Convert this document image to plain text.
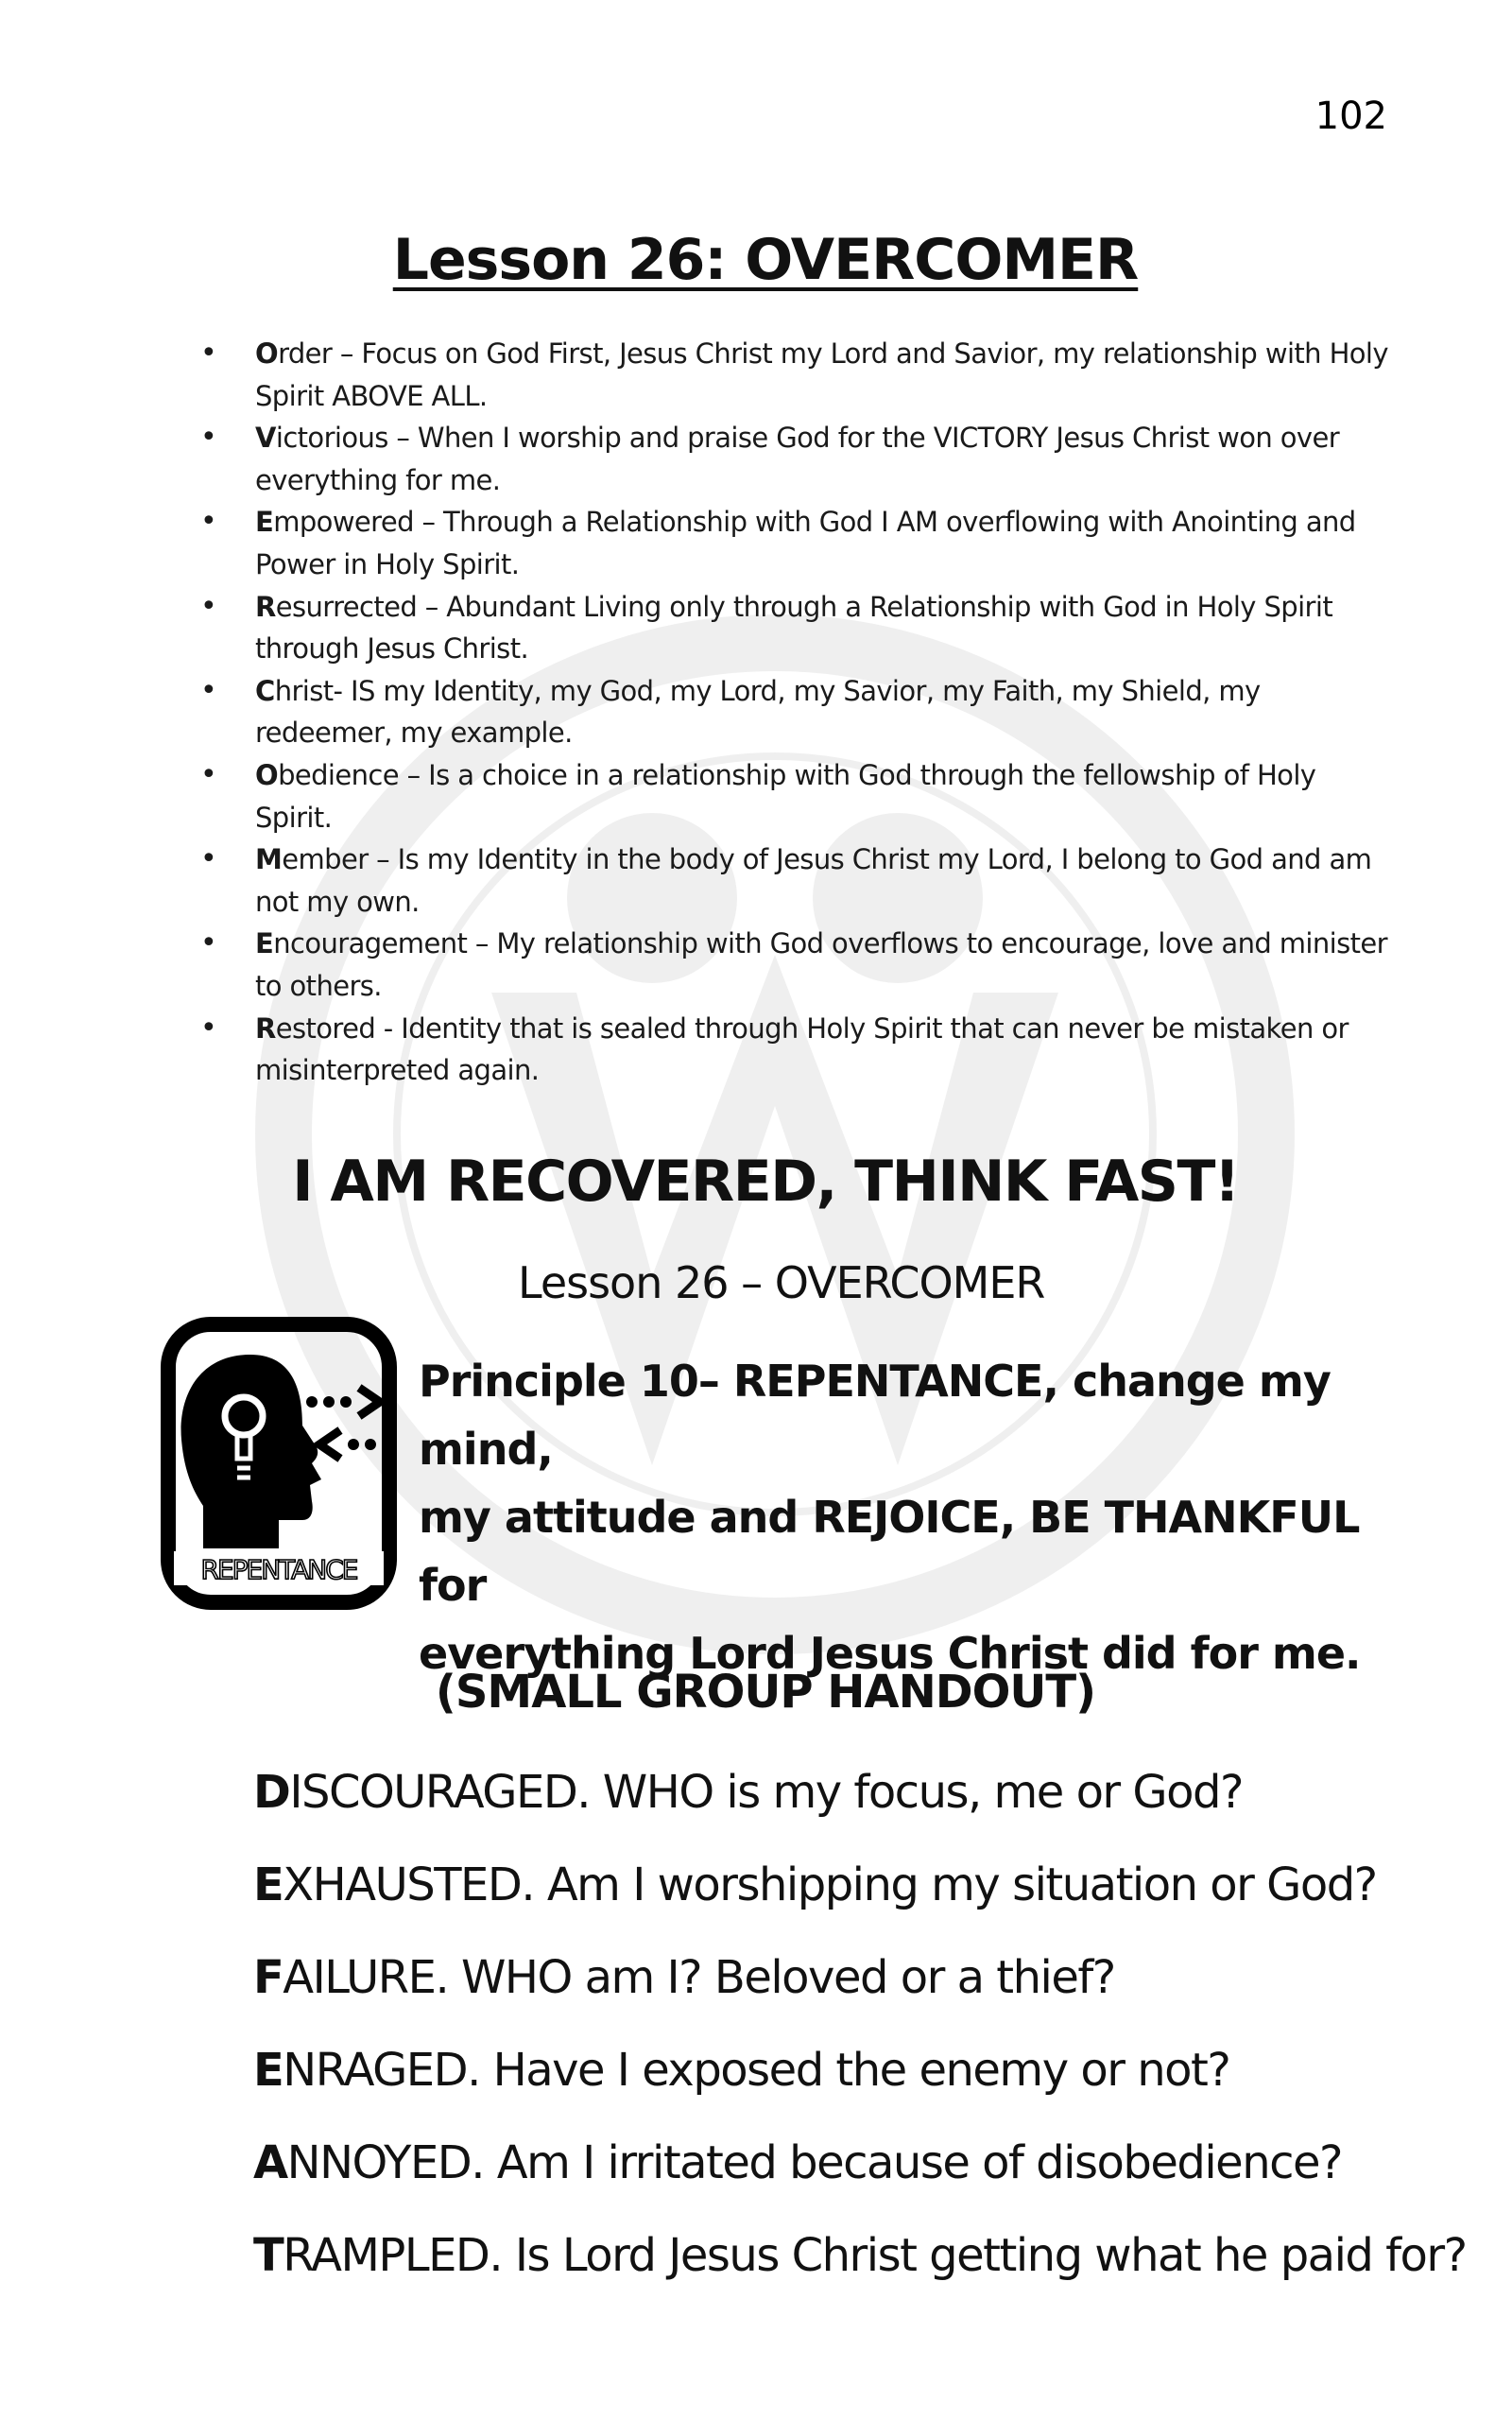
102
Lesson 26: OVERCOMER
• Order – Focus on God First, Jesus Christ my Lord and Savior, my relationship with Holy Spirit ABOVE ALL.
• Victorious – When I worship and praise God for the VICTORY Jesus Christ won over everything for me.
• Empowered – Through a Relationship with God I AM overflowing with Anointing and Power in Holy Spirit.
• Resurrected – Abundant Living only through a Relationship with God in Holy Spirit through Jesus Christ.
• Christ- IS my Identity, my God, my Lord, my Savior, my Faith, my Shield, my redeemer, my example.
• Obedience – Is a choice in a relationship with God through the fellowship of Holy Spirit.
• Member – Is my Identity in the body of Jesus Christ my Lord, I belong to God and am not my own.
• Encouragement – My relationship with God overflows to encourage, love and minister to others.
• Restored - Identity that is sealed through Holy Spirit that can never be mistaken or misinterpreted again.
I AM RECOVERED, THINK FAST!
Lesson 26 – OVERCOMER
REPENTANCE

Principle 10– REPENTANCE, change my mind,
my attitude and REJOICE, BE THANKFUL for
everything Lord Jesus Christ did for me.

(SMALL GROUP HANDOUT)
DISCOURAGED. WHO is my focus, me or God?
EXHAUSTED. Am I worshipping my situation or God?
FAILURE. WHO am I? Beloved or a thief?
ENRAGED. Have I exposed the enemy or not?
ANNOYED. Am I irritated because of disobedience?
TRAMPLED. Is Lord Jesus Christ getting what he paid for?
